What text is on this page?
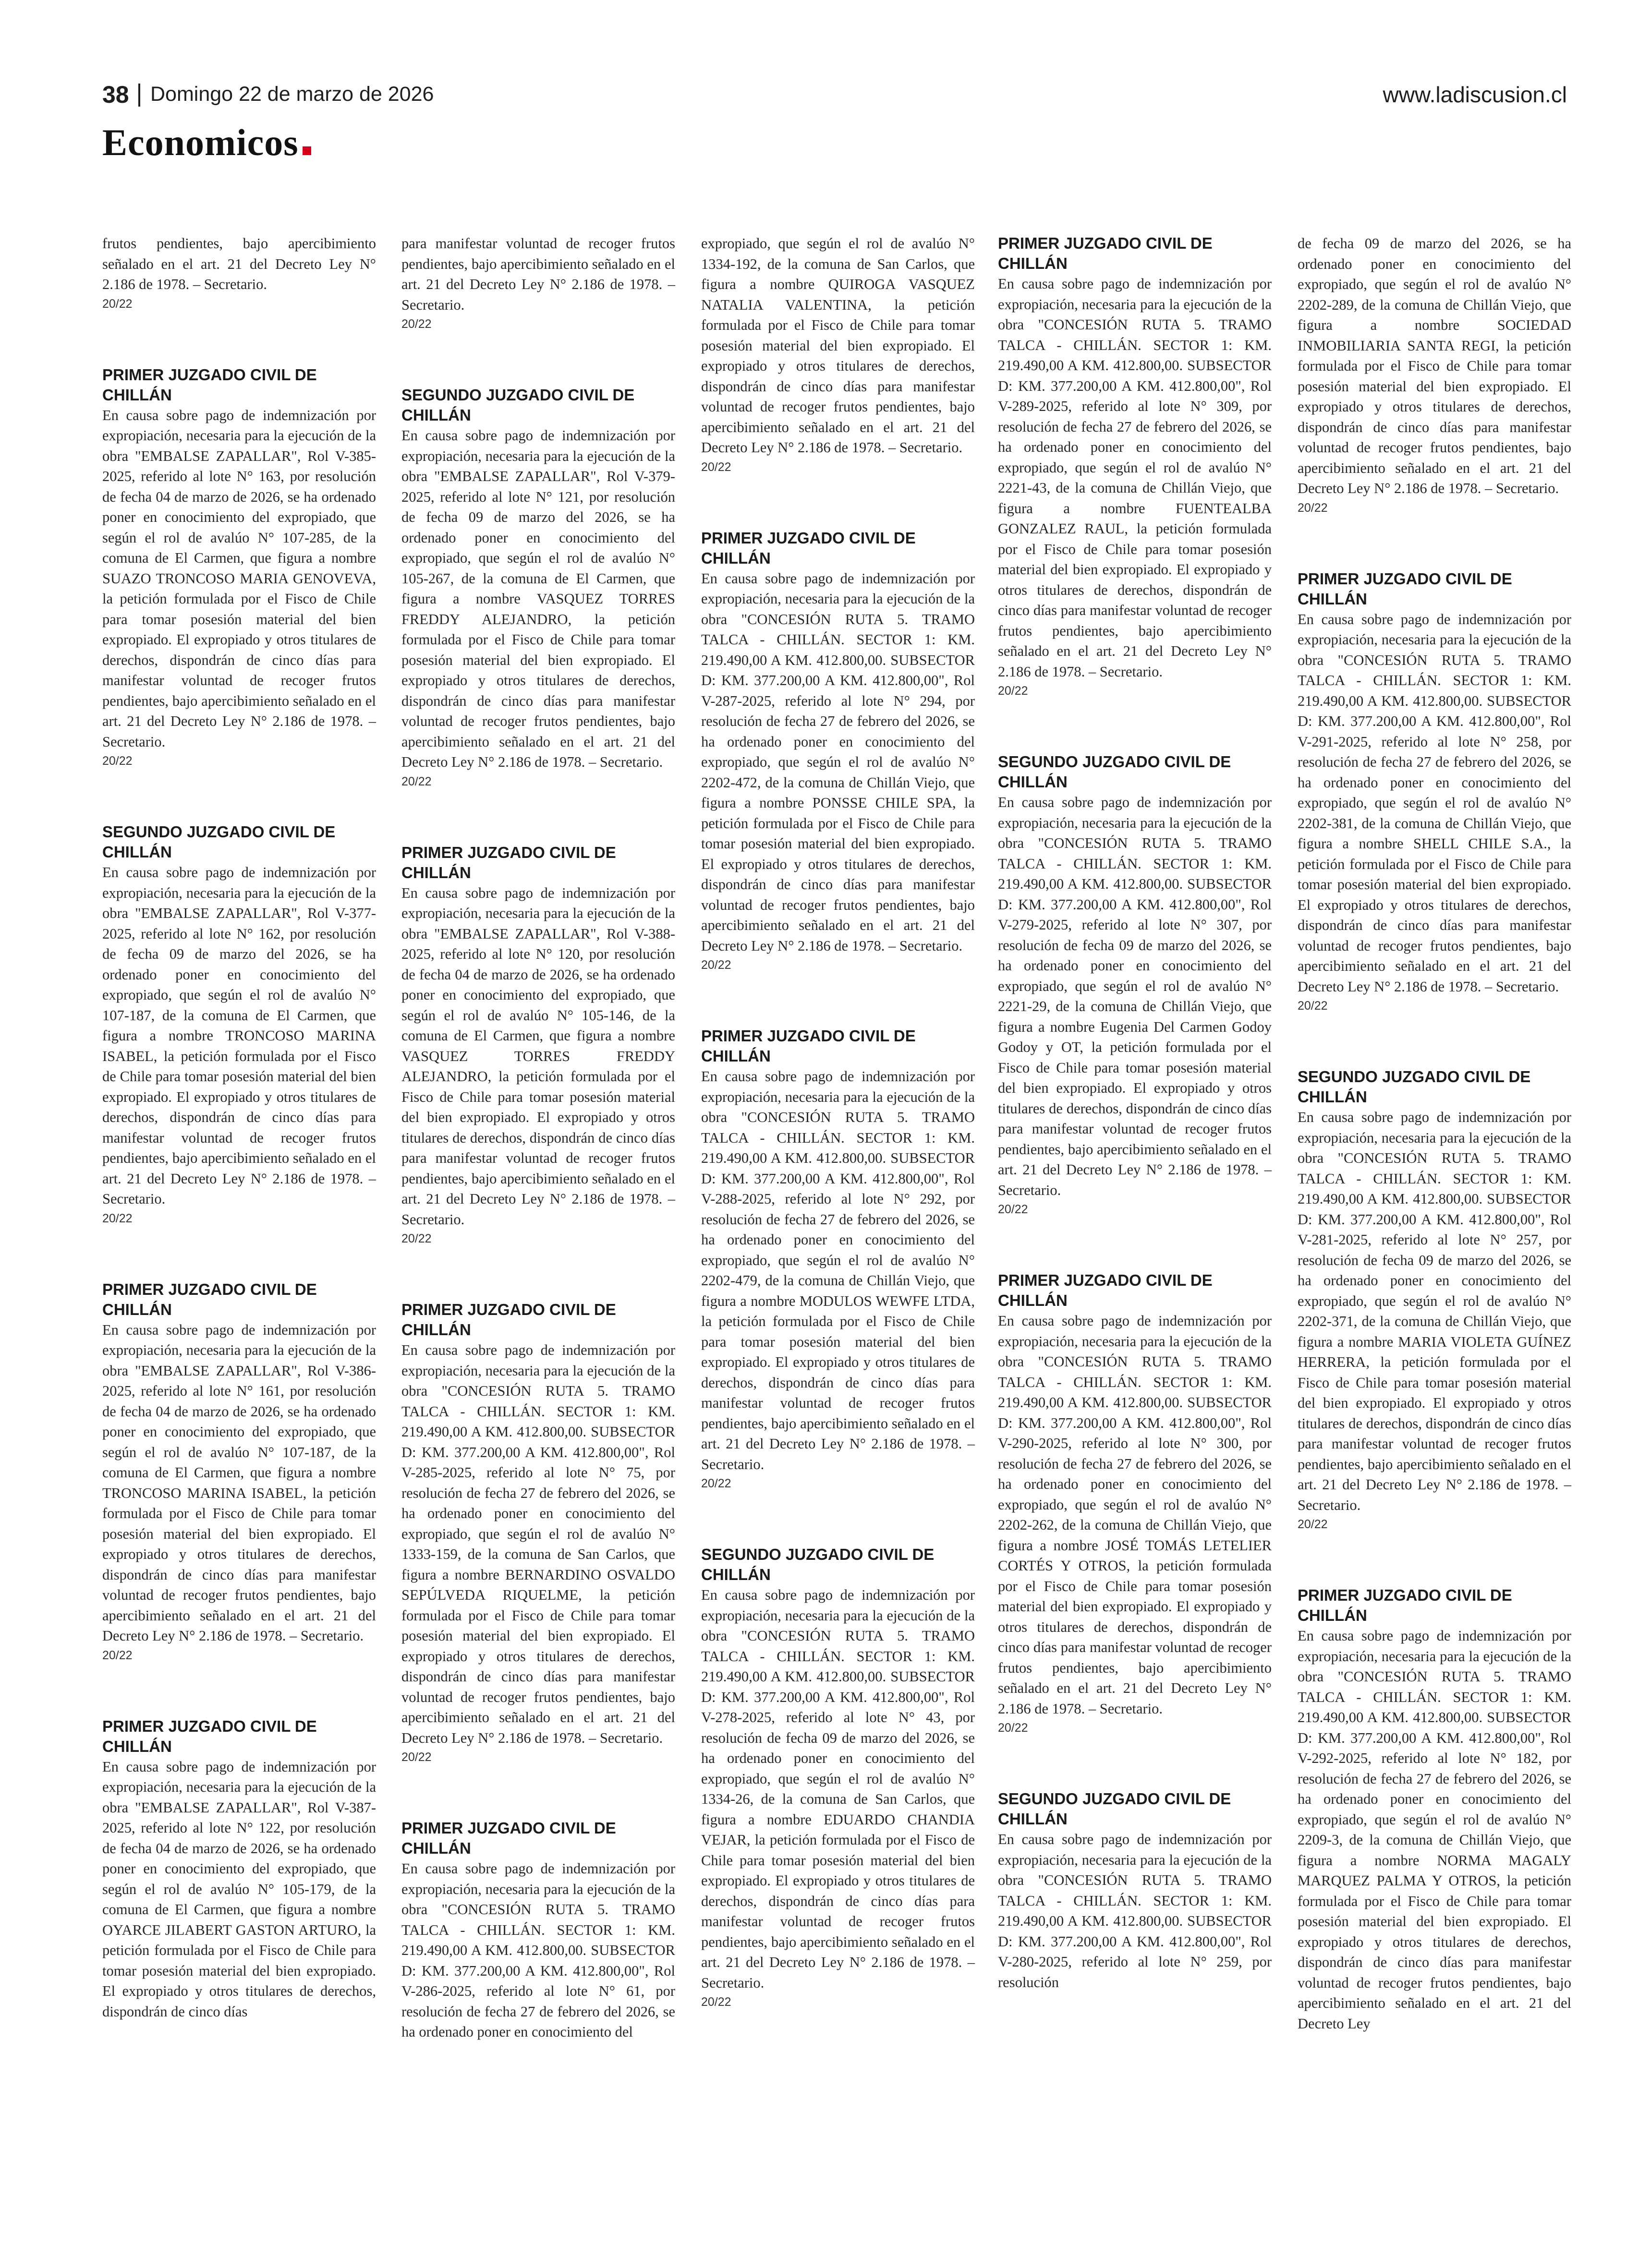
38 Domingo 22 de marzo de 2026	www.ladiscusion.cl
Economicos

frutos pendientes, bajo apercibimiento señalado en el art. 21 del Decreto Ley N° 2.186 de 1978. – Secretario.

20/22

PRIMER JUZGADO CIVIL DE CHILLÁN

En causa sobre pago de indemnización por expropiación, necesaria para la ejecución de la obra "EMBALSE ZAPALLAR", Rol V-385-2025, referido al lote N° 163, por resolución de fecha 04 de marzo de 2026, se ha ordenado poner en conocimiento del expropiado, que según el rol de avalúo N° 107-285, de la comuna de El Carmen, que figura a nombre SUAZO TRONCOSO MARIA GENOVEVA, la petición formulada por el Fisco de Chile para tomar posesión material del bien expropiado. El expropiado y otros titulares de derechos, dispondrán de cinco días para manifestar voluntad de recoger frutos pendientes, bajo apercibimiento señalado en el art. 21 del Decreto Ley N° 2.186 de 1978. – Secretario.

20/22

SEGUNDO JUZGADO CIVIL DE CHILLÁN

En causa sobre pago de indemnización por expropiación, necesaria para la ejecución de la obra "EMBALSE ZAPALLAR", Rol V-377-2025, referido al lote N° 162, por resolución de fecha 09 de marzo del 2026, se ha ordenado poner en conocimiento del expropiado, que según el rol de avalúo N° 107-187, de la comuna de El Carmen, que figura a nombre TRONCOSO MARINA ISABEL, la petición formulada por el Fisco de Chile para tomar posesión material del bien expropiado. El expropiado y otros titulares de derechos, dispondrán de cinco días para manifestar voluntad de recoger frutos pendientes, bajo apercibimiento señalado en el art. 21 del Decreto Ley N° 2.186 de 1978. – Secretario.

20/22

PRIMER JUZGADO CIVIL DE CHILLÁN

En causa sobre pago de indemnización por expropiación, necesaria para la ejecución de la obra "EMBALSE ZAPALLAR", Rol V-386-2025, referido al lote N° 161, por resolución de fecha 04 de marzo de 2026, se ha ordenado poner en conocimiento del expropiado, que según el rol de avalúo N° 107-187, de la comuna de El Carmen, que figura a nombre TRONCOSO MARINA ISABEL, la petición formulada por el Fisco de Chile para tomar posesión material del bien expropiado. El expropiado y otros titulares de derechos, dispondrán de cinco días para manifestar voluntad de recoger frutos pendientes, bajo apercibimiento señalado en el art. 21 del Decreto Ley N° 2.186 de 1978. – Secretario.

20/22

PRIMER JUZGADO CIVIL DE CHILLÁN

En causa sobre pago de indemnización por expropiación, necesaria para la ejecución de la obra "EMBALSE ZAPALLAR", Rol V-387-2025, referido al lote N° 122, por resolución de fecha 04 de marzo de 2026, se ha ordenado poner en conocimiento del expropiado, que según el rol de avalúo N° 105-179, de la comuna de El Carmen, que figura a nombre OYARCE JILABERT GASTON ARTURO, la petición formulada por el Fisco de Chile para tomar posesión material del bien expropiado. El expropiado y otros titulares de derechos, dispondrán de cinco días

para manifestar voluntad de recoger frutos pendientes, bajo apercibimiento señalado en el art. 21 del Decreto Ley N° 2.186 de 1978. – Secretario.

20/22

SEGUNDO JUZGADO CIVIL DE CHILLÁN

En causa sobre pago de indemnización por expropiación, necesaria para la ejecución de la obra "EMBALSE ZAPALLAR", Rol V-379-2025, referido al lote N° 121, por resolución de fecha 09 de marzo del 2026, se ha ordenado poner en conocimiento del expropiado, que según el rol de avalúo N° 105-267, de la comuna de El Carmen, que figura a nombre VASQUEZ TORRES FREDDY ALEJANDRO, la petición formulada por el Fisco de Chile para tomar posesión material del bien expropiado. El expropiado y otros titulares de derechos, dispondrán de cinco días para manifestar voluntad de recoger frutos pendientes, bajo apercibimiento señalado en el art. 21 del Decreto Ley N° 2.186 de 1978. – Secretario.

20/22

PRIMER JUZGADO CIVIL DE CHILLÁN

En causa sobre pago de indemnización por expropiación, necesaria para la ejecución de la obra "EMBALSE ZAPALLAR", Rol V-388-2025, referido al lote N° 120, por resolución de fecha 04 de marzo de 2026, se ha ordenado poner en conocimiento del expropiado, que según el rol de avalúo N° 105-146, de la comuna de El Carmen, que figura a nombre VASQUEZ TORRES FREDDY ALEJANDRO, la petición formulada por el Fisco de Chile para tomar posesión material del bien expropiado. El expropiado y otros titulares de derechos, dispondrán de cinco días para manifestar voluntad de recoger frutos pendientes, bajo apercibimiento señalado en el art. 21 del Decreto Ley N° 2.186 de 1978. – Secretario.

20/22

PRIMER JUZGADO CIVIL DE CHILLÁN

En causa sobre pago de indemnización por expropiación, necesaria para la ejecución de la obra "CONCESIÓN RUTA 5. TRAMO TALCA - CHILLÁN. SECTOR 1: KM. 219.490,00 A KM. 412.800,00. SUBSECTOR D: KM. 377.200,00 A KM. 412.800,00", Rol V-285-2025, referido al lote N° 75, por resolución de fecha 27 de febrero del 2026, se ha ordenado poner en conocimiento del expropiado, que según el rol de avalúo N° 1333-159, de la comuna de San Carlos, que figura a nombre BERNARDINO OSVALDO SEPÚLVEDA RIQUELME, la petición formulada por el Fisco de Chile para tomar posesión material del bien expropiado. El expropiado y otros titulares de derechos, dispondrán de cinco días para manifestar voluntad de recoger frutos pendientes, bajo apercibimiento señalado en el art. 21 del Decreto Ley N° 2.186 de 1978. – Secretario.

20/22

PRIMER JUZGADO CIVIL DE CHILLÁN

En causa sobre pago de indemnización por expropiación, necesaria para la ejecución de la obra "CONCESIÓN RUTA 5. TRAMO TALCA - CHILLÁN. SECTOR 1: KM. 219.490,00 A KM. 412.800,00. SUBSECTOR D: KM. 377.200,00 A KM. 412.800,00", Rol V-286-2025, referido al lote N° 61, por resolución de fecha 27 de febrero del 2026, se ha ordenado poner en conocimiento del

expropiado, que según el rol de avalúo N° 1334-192, de la comuna de San Carlos, que figura a nombre QUIROGA VASQUEZ NATALIA VALENTINA, la petición formulada por el Fisco de Chile para tomar posesión material del bien expropiado. El expropiado y otros titulares de derechos, dispondrán de cinco días para manifestar voluntad de recoger frutos pendientes, bajo apercibimiento señalado en el art. 21 del Decreto Ley N° 2.186 de 1978. – Secretario.

20/22

PRIMER JUZGADO CIVIL DE CHILLÁN

En causa sobre pago de indemnización por expropiación, necesaria para la ejecución de la obra "CONCESIÓN RUTA 5. TRAMO TALCA - CHILLÁN. SECTOR 1: KM. 219.490,00 A KM. 412.800,00. SUBSECTOR D: KM. 377.200,00 A KM. 412.800,00", Rol V-287-2025, referido al lote N° 294, por resolución de fecha 27 de febrero del 2026, se ha ordenado poner en conocimiento del expropiado, que según el rol de avalúo N° 2202-472, de la comuna de Chillán Viejo, que figura a nombre PONSSE CHILE SPA, la petición formulada por el Fisco de Chile para tomar posesión material del bien expropiado. El expropiado y otros titulares de derechos, dispondrán de cinco días para manifestar voluntad de recoger frutos pendientes, bajo apercibimiento señalado en el art. 21 del Decreto Ley N° 2.186 de 1978. – Secretario.

20/22

PRIMER JUZGADO CIVIL DE CHILLÁN

En causa sobre pago de indemnización por expropiación, necesaria para la ejecución de la obra "CONCESIÓN RUTA 5. TRAMO TALCA - CHILLÁN. SECTOR 1: KM. 219.490,00 A KM. 412.800,00. SUBSECTOR D: KM. 377.200,00 A KM. 412.800,00", Rol V-288-2025, referido al lote N° 292, por resolución de fecha 27 de febrero del 2026, se ha ordenado poner en conocimiento del expropiado, que según el rol de avalúo N° 2202-479, de la comuna de Chillán Viejo, que figura a nombre MODULOS WEWFE LTDA, la petición formulada por el Fisco de Chile para tomar posesión material del bien expropiado. El expropiado y otros titulares de derechos, dispondrán de cinco días para manifestar voluntad de recoger frutos pendientes, bajo apercibimiento señalado en el art. 21 del Decreto Ley N° 2.186 de 1978. – Secretario.

20/22

SEGUNDO JUZGADO CIVIL DE CHILLÁN

En causa sobre pago de indemnización por expropiación, necesaria para la ejecución de la obra "CONCESIÓN RUTA 5. TRAMO TALCA - CHILLÁN. SECTOR 1: KM. 219.490,00 A KM. 412.800,00. SUBSECTOR D: KM. 377.200,00 A KM. 412.800,00", Rol V-278-2025, referido al lote N° 43, por resolución de fecha 09 de marzo del 2026, se ha ordenado poner en conocimiento del expropiado, que según el rol de avalúo N° 1334-26, de la comuna de San Carlos, que figura a nombre EDUARDO CHANDIA VEJAR, la petición formulada por el Fisco de Chile para tomar posesión material del bien expropiado. El expropiado y otros titulares de derechos, dispondrán de cinco días para manifestar voluntad de recoger frutos pendientes, bajo apercibimiento señalado en el art. 21 del Decreto Ley N° 2.186 de 1978. – Secretario.

20/22

PRIMER JUZGADO CIVIL DE CHILLÁN

En causa sobre pago de indemnización por expropiación, necesaria para la ejecución de la obra "CONCESIÓN RUTA 5. TRAMO TALCA - CHILLÁN. SECTOR 1: KM. 219.490,00 A KM. 412.800,00. SUBSECTOR D: KM. 377.200,00 A KM. 412.800,00", Rol V-289-2025, referido al lote N° 309, por resolución de fecha 27 de febrero del 2026, se ha ordenado poner en conocimiento del expropiado, que según el rol de avalúo N° 2221-43, de la comuna de Chillán Viejo, que figura a nombre FUENTEALBA GONZALEZ RAUL, la petición formulada por el Fisco de Chile para tomar posesión material del bien expropiado. El expropiado y otros titulares de derechos, dispondrán de cinco días para manifestar voluntad de recoger frutos pendientes, bajo apercibimiento señalado en el art. 21 del Decreto Ley N° 2.186 de 1978. – Secretario.

20/22

SEGUNDO JUZGADO CIVIL DE CHILLÁN

En causa sobre pago de indemnización por expropiación, necesaria para la ejecución de la obra "CONCESIÓN RUTA 5. TRAMO TALCA - CHILLÁN. SECTOR 1: KM. 219.490,00 A KM. 412.800,00. SUBSECTOR D: KM. 377.200,00 A KM. 412.800,00", Rol V-279-2025, referido al lote N° 307, por resolución de fecha 09 de marzo del 2026, se ha ordenado poner en conocimiento del expropiado, que según el rol de avalúo N° 2221-29, de la comuna de Chillán Viejo, que figura a nombre Eugenia Del Carmen Godoy Godoy y OT, la petición formulada por el Fisco de Chile para tomar posesión material del bien expropiado. El expropiado y otros titulares de derechos, dispondrán de cinco días para manifestar voluntad de recoger frutos pendientes, bajo apercibimiento señalado en el art. 21 del Decreto Ley N° 2.186 de 1978. – Secretario.

20/22

PRIMER JUZGADO CIVIL DE CHILLÁN

En causa sobre pago de indemnización por expropiación, necesaria para la ejecución de la obra "CONCESIÓN RUTA 5. TRAMO TALCA - CHILLÁN. SECTOR 1: KM. 219.490,00 A KM. 412.800,00. SUBSECTOR D: KM. 377.200,00 A KM. 412.800,00", Rol V-290-2025, referido al lote N° 300, por resolución de fecha 27 de febrero del 2026, se ha ordenado poner en conocimiento del expropiado, que según el rol de avalúo N° 2202-262, de la comuna de Chillán Viejo, que figura a nombre JOSÉ TOMÁS LETELIER CORTÉS Y OTROS, la petición formulada por el Fisco de Chile para tomar posesión material del bien expropiado. El expropiado y otros titulares de derechos, dispondrán de cinco días para manifestar voluntad de recoger frutos pendientes, bajo apercibimiento señalado en el art. 21 del Decreto Ley N° 2.186 de 1978. – Secretario.

20/22

SEGUNDO JUZGADO CIVIL DE CHILLÁN

En causa sobre pago de indemnización por expropiación, necesaria para la ejecución de la obra "CONCESIÓN RUTA 5. TRAMO TALCA - CHILLÁN. SECTOR 1: KM. 219.490,00 A KM. 412.800,00. SUBSECTOR D: KM. 377.200,00 A KM. 412.800,00", Rol V-280-2025, referido al lote N° 259, por resolución

de fecha 09 de marzo del 2026, se ha ordenado poner en conocimiento del expropiado, que según el rol de avalúo N° 2202-289, de la comuna de Chillán Viejo, que figura a nombre SOCIEDAD INMOBILIARIA SANTA REGI, la petición formulada por el Fisco de Chile para tomar posesión material del bien expropiado. El expropiado y otros titulares de derechos, dispondrán de cinco días para manifestar voluntad de recoger frutos pendientes, bajo apercibimiento señalado en el art. 21 del Decreto Ley N° 2.186 de 1978. – Secretario.

20/22

PRIMER JUZGADO CIVIL DE CHILLÁN

En causa sobre pago de indemnización por expropiación, necesaria para la ejecución de la obra "CONCESIÓN RUTA 5. TRAMO TALCA - CHILLÁN. SECTOR 1: KM. 219.490,00 A KM. 412.800,00. SUBSECTOR D: KM. 377.200,00 A KM. 412.800,00", Rol V-291-2025, referido al lote N° 258, por resolución de fecha 27 de febrero del 2026, se ha ordenado poner en conocimiento del expropiado, que según el rol de avalúo N° 2202-381, de la comuna de Chillán Viejo, que figura a nombre SHELL CHILE S.A., la petición formulada por el Fisco de Chile para tomar posesión material del bien expropiado. El expropiado y otros titulares de derechos, dispondrán de cinco días para manifestar voluntad de recoger frutos pendientes, bajo apercibimiento señalado en el art. 21 del Decreto Ley N° 2.186 de 1978. – Secretario.

20/22

SEGUNDO JUZGADO CIVIL DE CHILLÁN

En causa sobre pago de indemnización por expropiación, necesaria para la ejecución de la obra "CONCESIÓN RUTA 5. TRAMO TALCA - CHILLÁN. SECTOR 1: KM. 219.490,00 A KM. 412.800,00. SUBSECTOR D: KM. 377.200,00 A KM. 412.800,00", Rol V-281-2025, referido al lote N° 257, por resolución de fecha 09 de marzo del 2026, se ha ordenado poner en conocimiento del expropiado, que según el rol de avalúo N° 2202-371, de la comuna de Chillán Viejo, que figura a nombre MARIA VIOLETA GUÍNEZ HERRERA, la petición formulada por el Fisco de Chile para tomar posesión material del bien expropiado. El expropiado y otros titulares de derechos, dispondrán de cinco días para manifestar voluntad de recoger frutos pendientes, bajo apercibimiento señalado en el art. 21 del Decreto Ley N° 2.186 de 1978. – Secretario.

20/22

PRIMER JUZGADO CIVIL DE CHILLÁN

En causa sobre pago de indemnización por expropiación, necesaria para la ejecución de la obra "CONCESIÓN RUTA 5. TRAMO TALCA - CHILLÁN. SECTOR 1: KM. 219.490,00 A KM. 412.800,00. SUBSECTOR D: KM. 377.200,00 A KM. 412.800,00", Rol V-292-2025, referido al lote N° 182, por resolución de fecha 27 de febrero del 2026, se ha ordenado poner en conocimiento del expropiado, que según el rol de avalúo N° 2209-3, de la comuna de Chillán Viejo, que figura a nombre NORMA MAGALY MARQUEZ PALMA Y OTROS, la petición formulada por el Fisco de Chile para tomar posesión material del bien expropiado. El expropiado y otros titulares de derechos, dispondrán de cinco días para manifestar voluntad de recoger frutos pendientes, bajo apercibimiento señalado en el art. 21 del Decreto Ley
